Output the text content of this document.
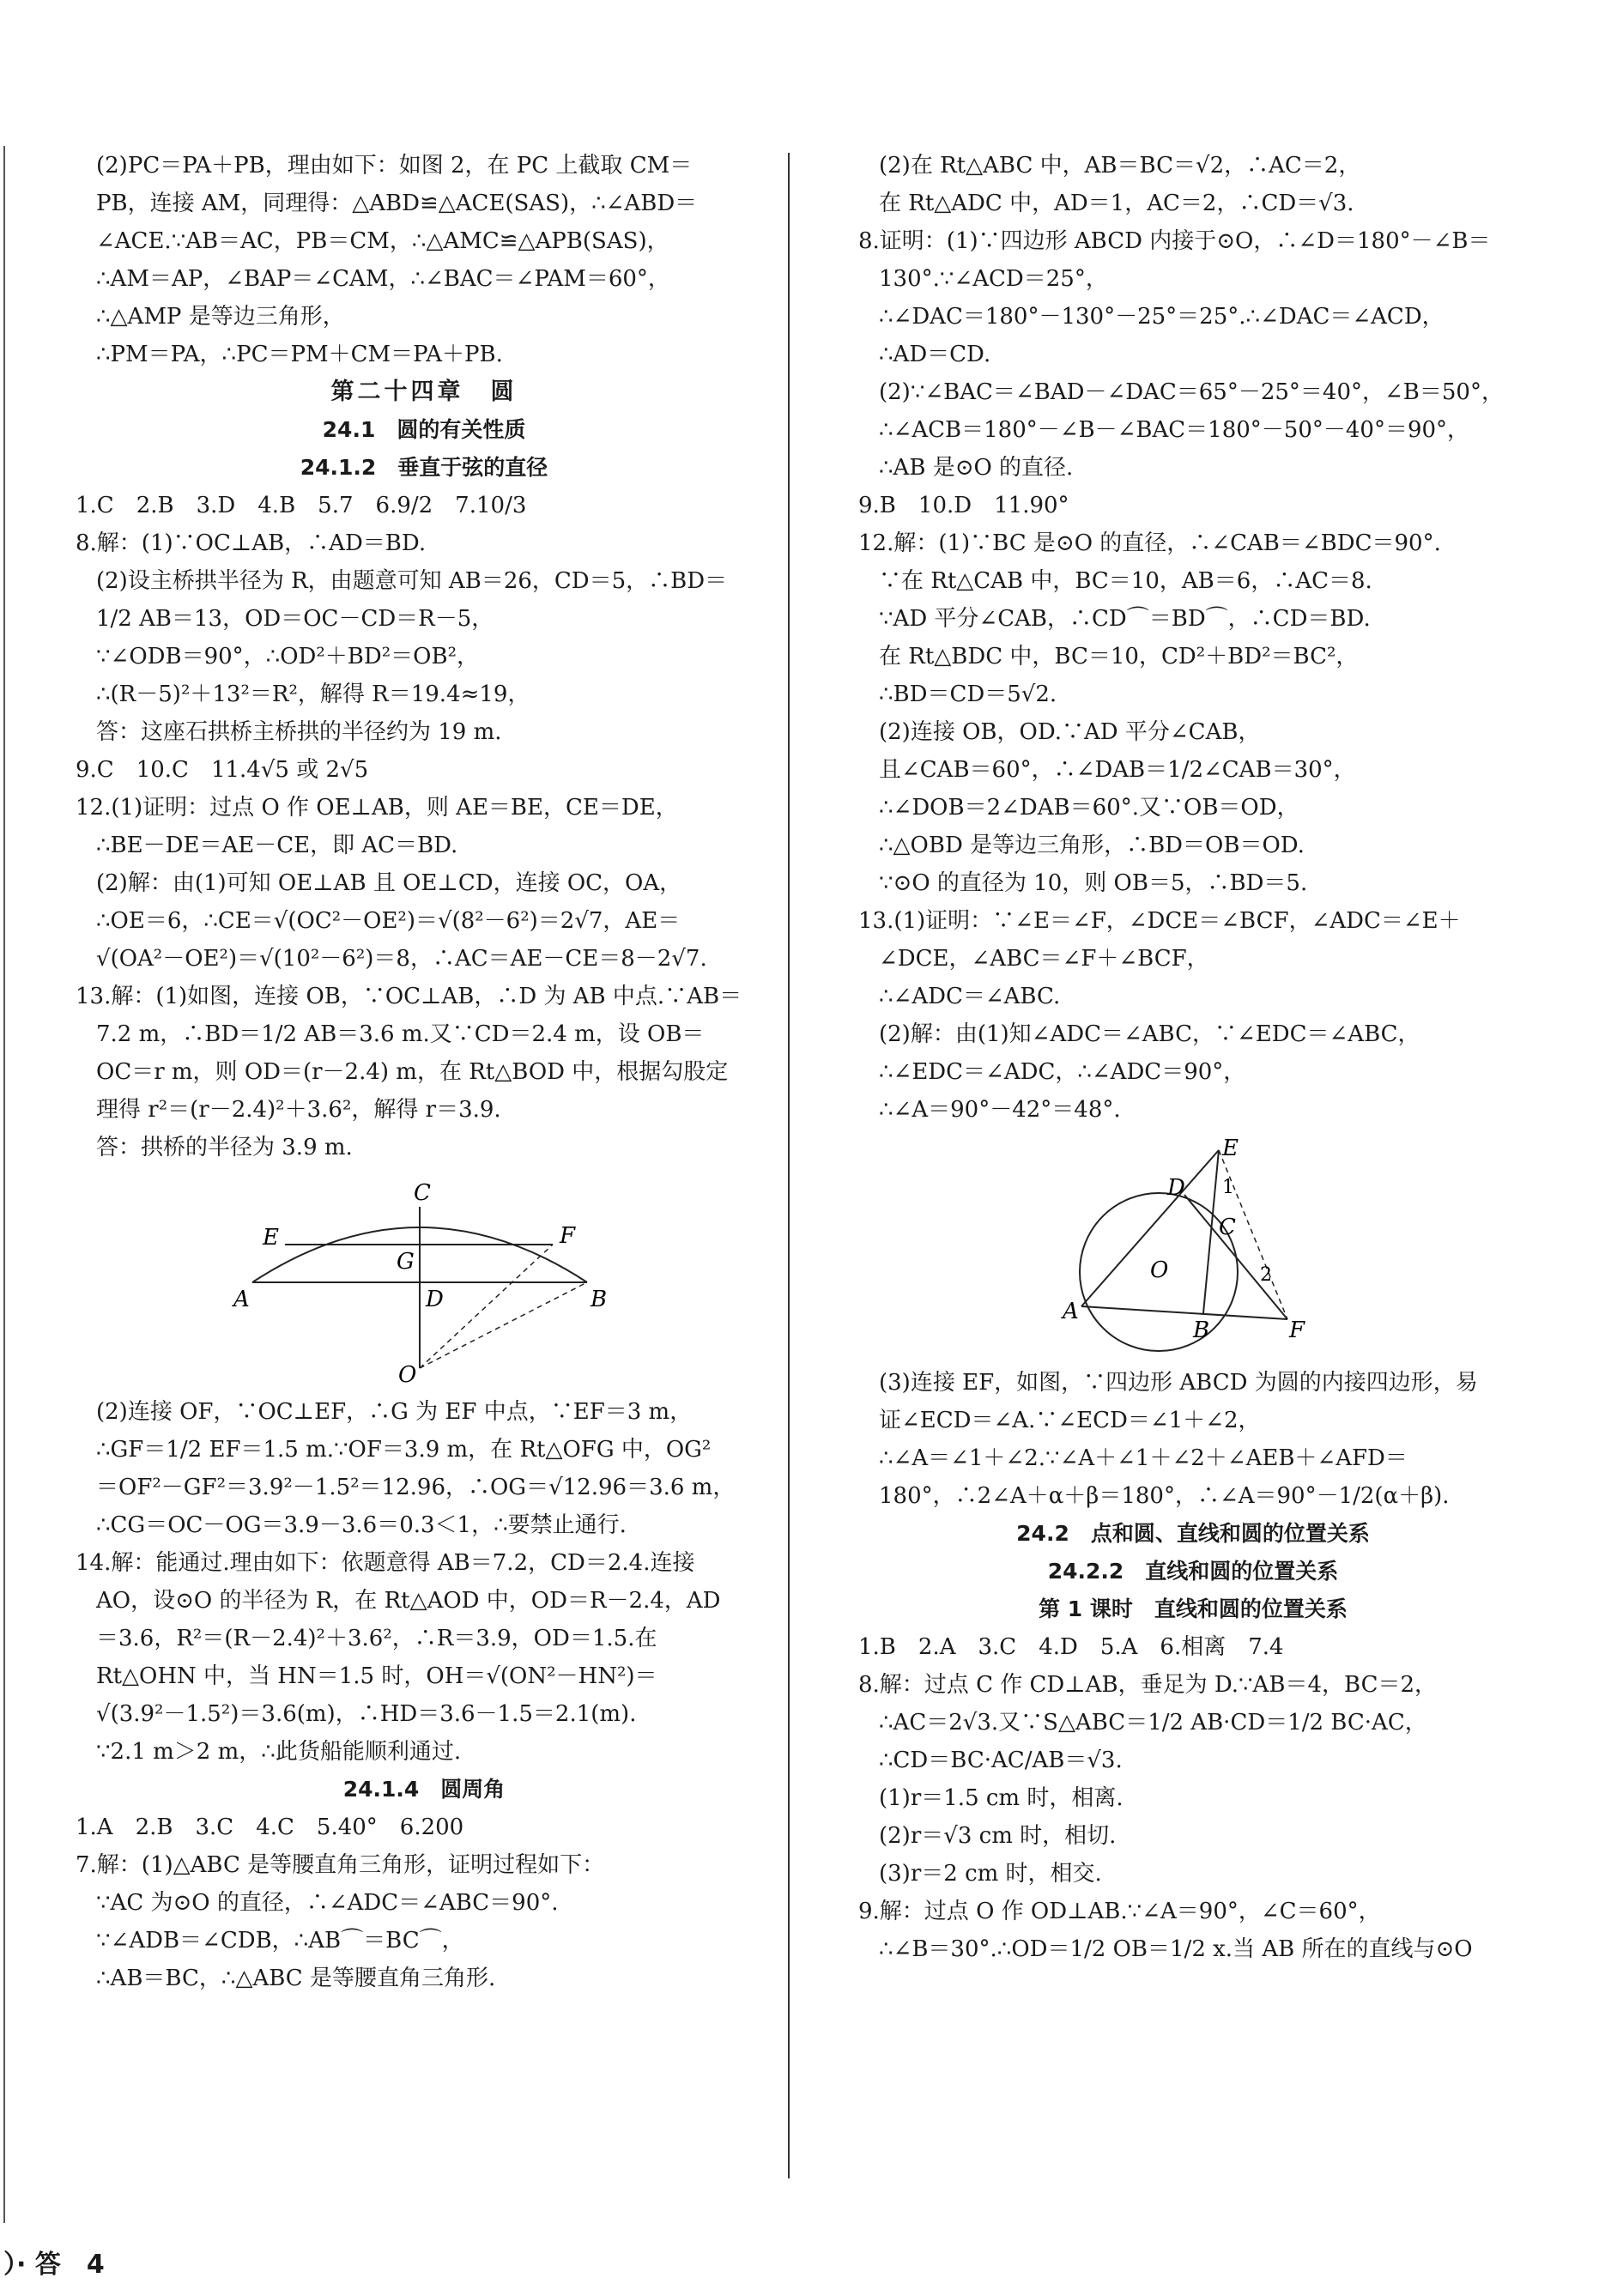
(2)PC＝PA＋PB，理由如下：如图 2，在 PC 上截取 CM＝
PB，连接 AM，同理得：△ABD≌△ACE(SAS)，∴∠ABD＝
∠ACE.∵AB＝AC，PB＝CM，∴△AMC≌△APB(SAS)，
∴AM＝AP，∠BAP＝∠CAM，∴∠BAC＝∠PAM＝60°，
∴△AMP 是等边三角形，
∴PM＝PA，∴PC＝PM＋CM＝PA＋PB.
第二十四章　圆
24.1　圆的有关性质
24.1.2　垂直于弦的直径
1.C　2.B　3.D　4.B　5.7　6.9/2　7.10/3
8.解：(1)∵OC⊥AB，∴AD＝BD.
(2)设主桥拱半径为 R，由题意可知 AB＝26，CD＝5，∴BD＝
1/2 AB＝13，OD＝OC－CD＝R－5，
∵∠ODB＝90°，∴OD²＋BD²＝OB²，
∴(R－5)²＋13²＝R²，解得 R＝19.4≈19，
答：这座石拱桥主桥拱的半径约为 19 m.
9.C　10.C　11.4√5 或 2√5
12.(1)证明：过点 O 作 OE⊥AB，则 AE＝BE，CE＝DE，
∴BE－DE＝AE－CE，即 AC＝BD.
(2)解：由(1)可知 OE⊥AB 且 OE⊥CD，连接 OC，OA，
∴OE＝6，∴CE＝√(OC²－OE²)＝√(8²－6²)＝2√7，AE＝
√(OA²－OE²)＝√(10²－6²)＝8，∴AC＝AE－CE＝8－2√7.
13.解：(1)如图，连接 OB，∵OC⊥AB，∴D 为 AB 中点.∵AB＝
7.2 m，∴BD＝1/2 AB＝3.6 m.又∵CD＝2.4 m，设 OB＝
OC＝r m，则 OD＝(r－2.4) m，在 Rt△BOD 中，根据勾股定
理得 r²＝(r－2.4)²＋3.6²，解得 r＝3.9.
答：拱桥的半径为 3.9 m.
C
E	F
G
A	B
D
O
(2)连接 OF，∵OC⊥EF，∴G 为 EF 中点，∵EF＝3 m，
∴GF＝1/2 EF＝1.5 m.∵OF＝3.9 m，在 Rt△OFG 中，OG²
＝OF²－GF²＝3.9²－1.5²＝12.96，∴OG＝√12.96＝3.6 m，
∴CG＝OC－OG＝3.9－3.6＝0.3＜1，∴要禁止通行.
14.解：能通过.理由如下：依题意得 AB＝7.2，CD＝2.4.连接
AO，设⊙O 的半径为 R，在 Rt△AOD 中，OD＝R－2.4，AD
＝3.6，R²＝(R－2.4)²＋3.6²，∴R＝3.9，OD＝1.5.在
Rt△OHN 中，当 HN＝1.5 时，OH＝√(ON²－HN²)＝
√(3.9²－1.5²)＝3.6(m)，∴HD＝3.6－1.5＝2.1(m).
∵2.1 m＞2 m，∴此货船能顺利通过.
24.1.4　圆周角
1.A　2.B　3.C　4.C　5.40°　6.200
7.解：(1)△ABC 是等腰直角三角形，证明过程如下：
∵AC 为⊙O 的直径，∴∠ADC＝∠ABC＝90°.
∵∠ADB＝∠CDB，∴AB⌒＝BC⌒，
∴AB＝BC，∴△ABC 是等腰直角三角形.
(2)在 Rt△ABC 中，AB＝BC＝√2，∴AC＝2，
在 Rt△ADC 中，AD＝1，AC＝2，∴CD＝√3.
8.证明：(1)∵四边形 ABCD 内接于⊙O，∴∠D＝180°－∠B＝
130°.∵∠ACD＝25°，
∴∠DAC＝180°－130°－25°＝25°.∴∠DAC＝∠ACD，
∴AD＝CD.
(2)∵∠BAC＝∠BAD－∠DAC＝65°－25°＝40°，∠B＝50°，
∴∠ACB＝180°－∠B－∠BAC＝180°－50°－40°＝90°，
∴AB 是⊙O 的直径.
9.B　10.D　11.90°
12.解：(1)∵BC 是⊙O 的直径，∴∠CAB＝∠BDC＝90°.
∵在 Rt△CAB 中，BC＝10，AB＝6，∴AC＝8.
∵AD 平分∠CAB，∴CD⌒＝BD⌒，∴CD＝BD.
在 Rt△BDC 中，BC＝10，CD²＋BD²＝BC²，
∴BD＝CD＝5√2.
(2)连接 OB，OD.∵AD 平分∠CAB，
且∠CAB＝60°，∴∠DAB＝1/2∠CAB＝30°，
∴∠DOB＝2∠DAB＝60°.又∵OB＝OD，
∴△OBD 是等边三角形，∴BD＝OB＝OD.
∵⊙O 的直径为 10，则 OB＝5，∴BD＝5.
13.(1)证明：∵∠E＝∠F，∠DCE＝∠BCF，∠ADC＝∠E＋
∠DCE，∠ABC＝∠F＋∠BCF，
∴∠ADC＝∠ABC.
(2)解：由(1)知∠ADC＝∠ABC，∵∠EDC＝∠ABC，
∴∠EDC＝∠ADC，∴∠ADC＝90°，
∴∠A＝90°－42°＝48°.
E
D
C
O
A
B	F
1
2
(3)连接 EF，如图，∵四边形 ABCD 为圆的内接四边形，易
证∠ECD＝∠A.∵∠ECD＝∠1＋∠2，
∴∠A＝∠1＋∠2.∵∠A＋∠1＋∠2＋∠AEB＋∠AFD＝
180°，∴2∠A＋α＋β＝180°，∴∠A＝90°－1/2(α＋β).
24.2　点和圆、直线和圆的位置关系
24.2.2　直线和圆的位置关系
第 1 课时　直线和圆的位置关系
1.B　2.A　3.C　4.D　5.A　6.相离　7.4
8.解：过点 C 作 CD⊥AB，垂足为 D.∵AB＝4，BC＝2，
∴AC＝2√3.又∵S△ABC＝1/2 AB·CD＝1/2 BC·AC，
∴CD＝BC·AC/AB＝√3.
(1)r＝1.5 cm 时，相离.
(2)r＝√3 cm 时，相切.
(3)r＝2 cm 时，相交.
9.解：过点 O 作 OD⊥AB.∵∠A＝90°，∠C＝60°，
∴∠B＝30°.∴OD＝1/2 OB＝1/2 x.当 AB 所在的直线与⊙O
）· 答　4
